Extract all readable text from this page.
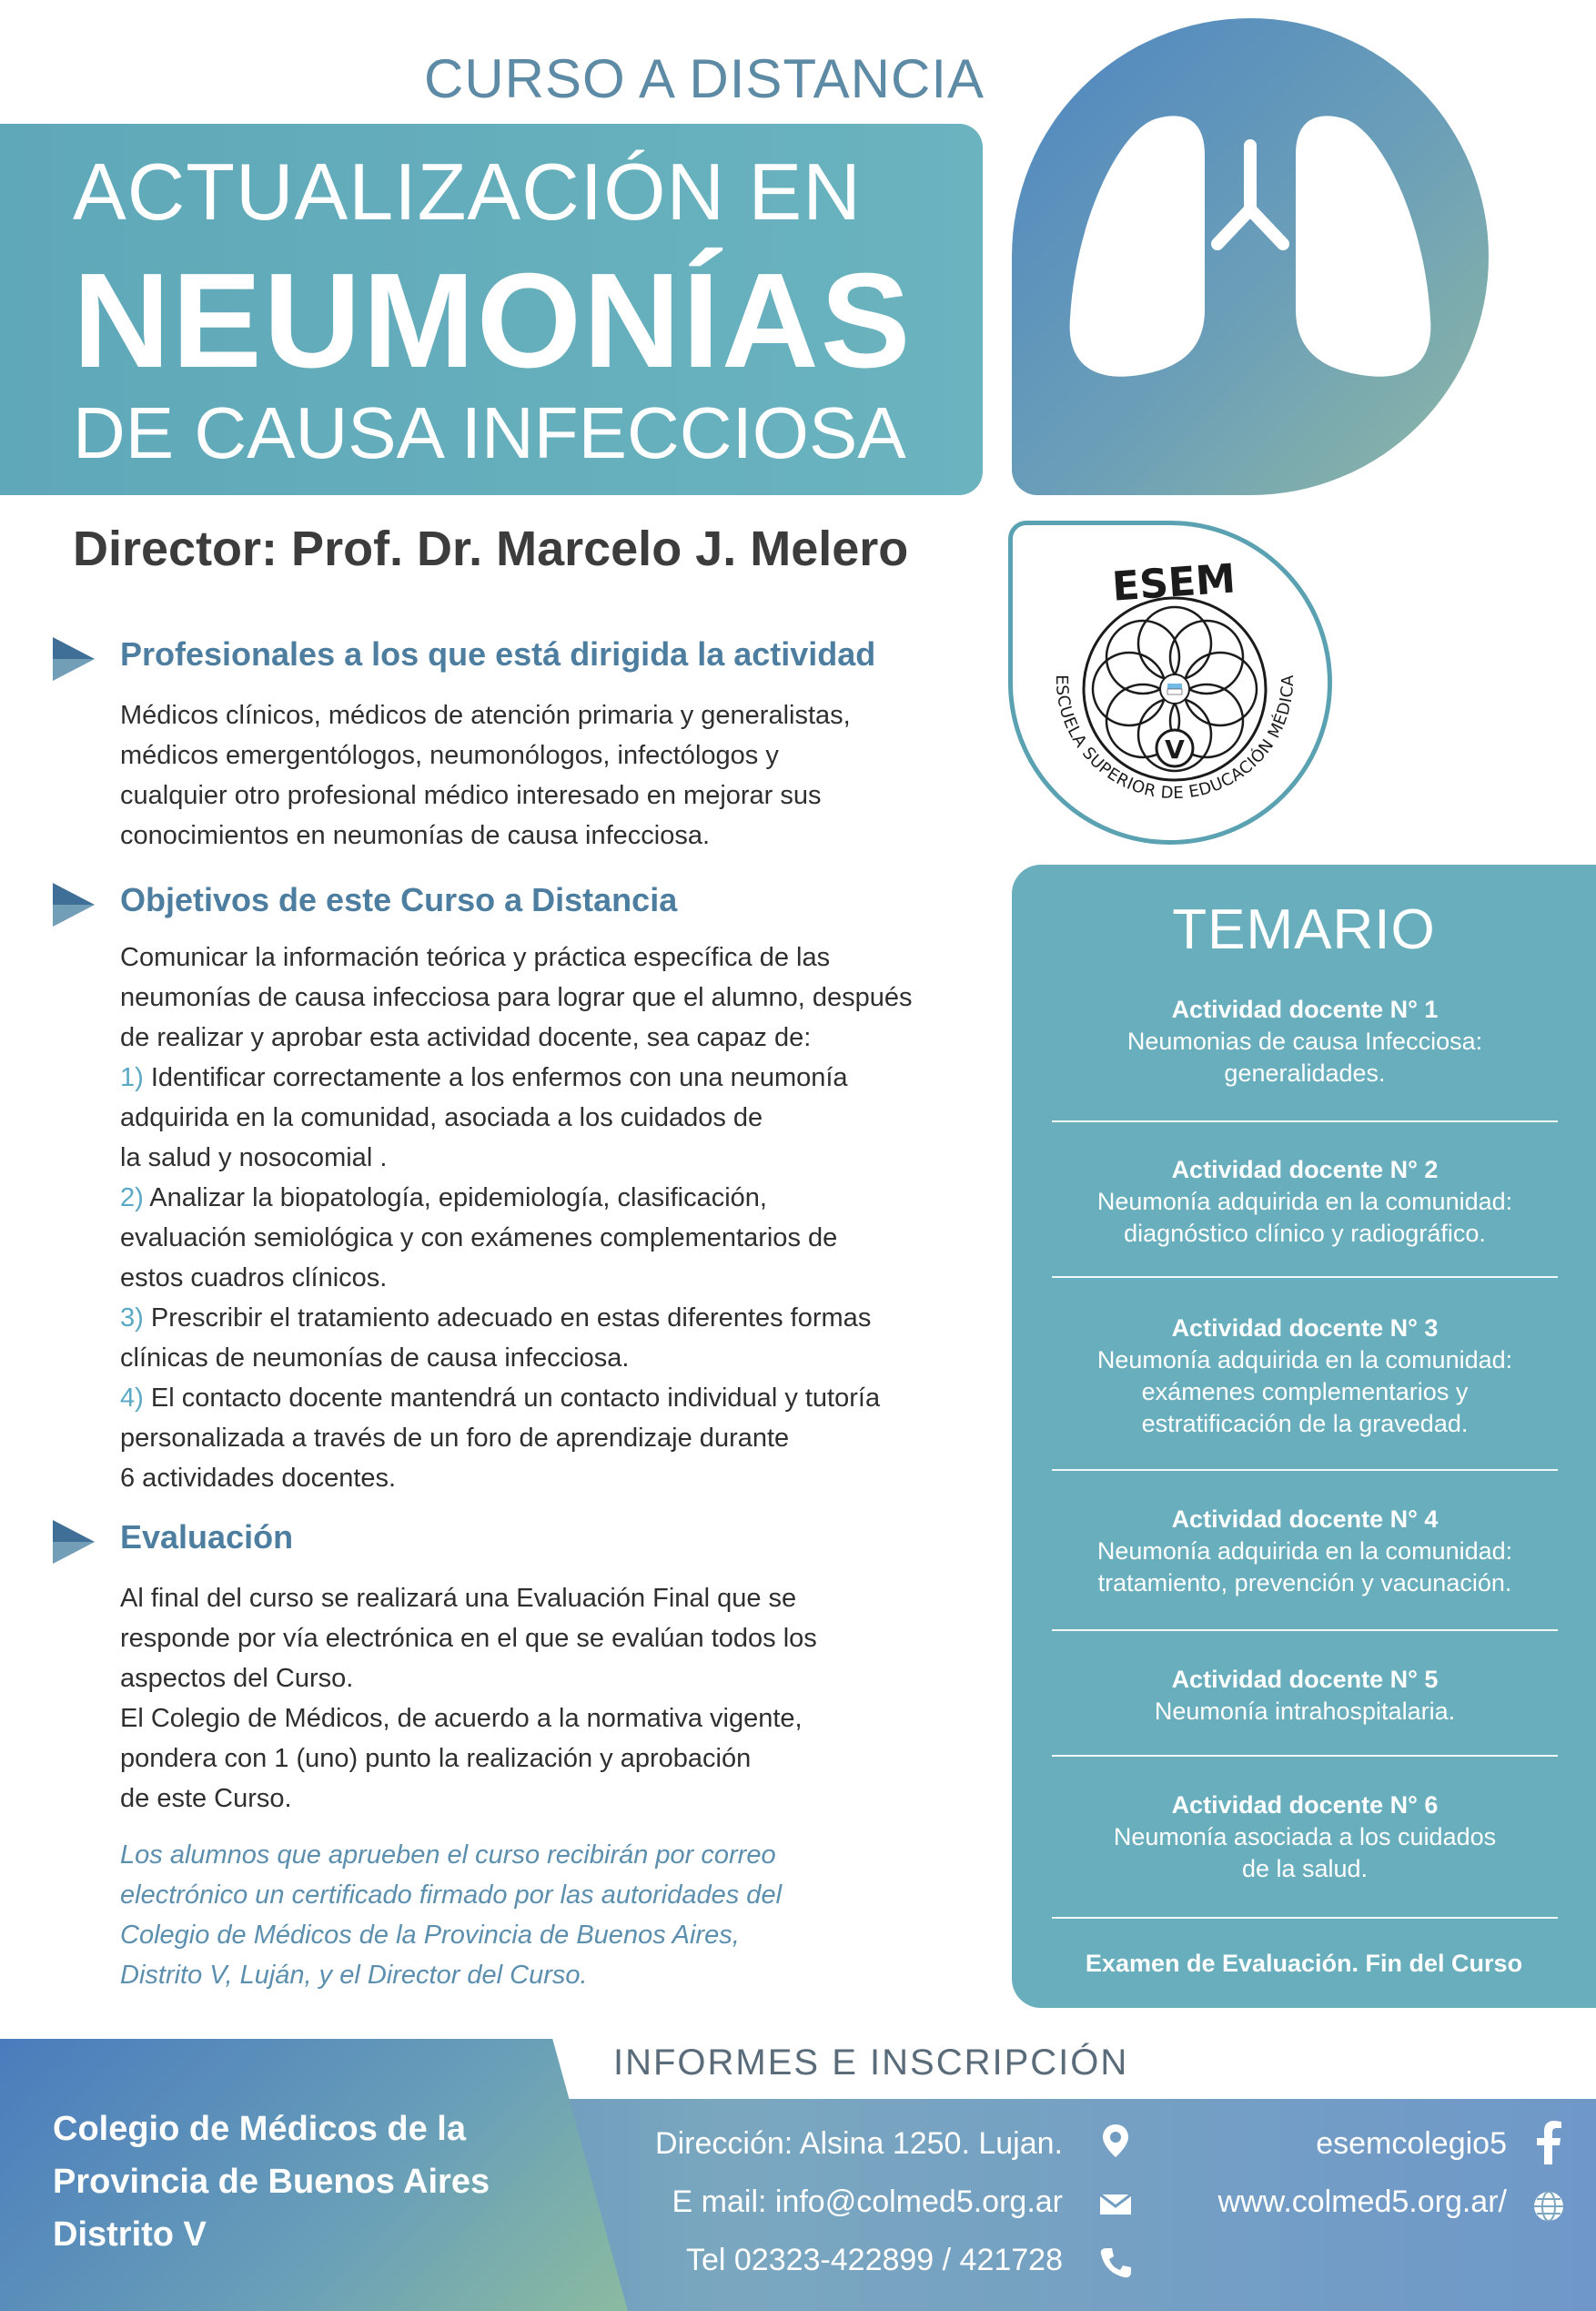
CURSO A DISTANCIA
ACTUALIZACIÓN EN
NEUMONÍAS
DE CAUSA INFECCIOSA
Director: Prof. Dr. Marcelo J. Melero
ESEM
V
ESCUELA SUPERIOR DE EDUCACIÓN MÉDICA
Profesionales a los que está dirigida la actividad
Médicos clínicos, médicos de atención primaria y generalistas,
médicos emergentólogos, neumonólogos, infectólogos y
cualquier otro profesional médico interesado en mejorar sus
conocimientos en neumonías de causa infecciosa.
Objetivos de este Curso a Distancia
Comunicar la información teórica y práctica específica de las
neumonías de causa infecciosa para lograr que el alumno, después
de realizar y aprobar esta actividad docente, sea capaz de:
1) Identificar correctamente a los enfermos con una neumonía
adquirida en la comunidad, asociada a los cuidados de
la salud y nosocomial .
2) Analizar la biopatología, epidemiología, clasificación,
evaluación semiológica y con exámenes complementarios de
estos cuadros clínicos.
3) Prescribir el tratamiento adecuado en estas diferentes formas
clínicas de neumonías de causa infecciosa.
4) El contacto docente mantendrá un contacto individual y tutoría
personalizada a través de un foro de aprendizaje durante
6 actividades docentes.
Evaluación
Al final del curso se realizará una Evaluación Final que se
responde por vía electrónica en el que se evalúan todos los
aspectos del Curso.
El Colegio de Médicos, de acuerdo a la normativa vigente,
pondera con 1 (uno) punto la realización y aprobación
de este Curso.
Los alumnos que aprueben el curso recibirán por correo
electrónico un certificado firmado por las autoridades del
Colegio de Médicos de la Provincia de Buenos Aires,
Distrito V, Luján, y el Director del Curso.
TEMARIO
Actividad docente N° 1
Neumonias de causa Infecciosa:
generalidades.
Actividad docente N° 2
Neumonía adquirida en la comunidad:
diagnóstico clínico y radiográfico.
Actividad docente N° 3
Neumonía adquirida en la comunidad:
exámenes complementarios y
estratificación de la gravedad.
Actividad docente N° 4
Neumonía adquirida en la comunidad:
tratamiento, prevención y vacunación.
Actividad docente N° 5
Neumonía intrahospitalaria.
Actividad docente N° 6
Neumonía asociada a los cuidados
de la salud.
Examen de Evaluación. Fin del Curso
Colegio de Médicos de la
Provincia de Buenos Aires
Distrito V
INFORMES E INSCRIPCIÓN
Dirección: Alsina 1250. Lujan.
E mail: info@colmed5.org.ar
Tel 02323-422899 / 421728
esemcolegio5
www.colmed5.org.ar/
